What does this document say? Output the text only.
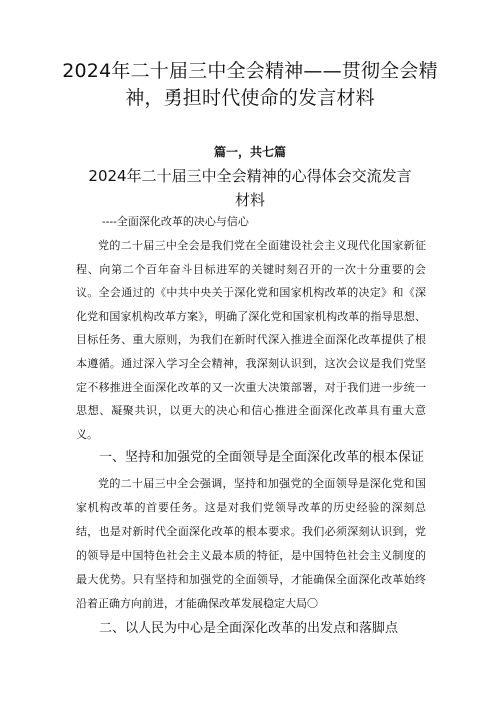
2024年二十届三中全会精神——贯彻全会精神，勇担时代使命的发言材料
篇一，共七篇
2024年二十届三中全会精神的心得体会交流发言材料
----全面深化改革的决心与信心

党的二十届三中全会是我们党在全面建设社会主义现代化国家新征程、向第二个百年奋斗目标进军的关键时刻召开的一次十分重要的会议。全会通过的《中共中央关于深化党和国家机构改革的决定》和《深化党和国家机构改革方案》，明确了深化党和国家机构改革的指导思想、目标任务、重大原则，为我们在新时代深入推进全面深化改革提供了根本遵循。通过深入学习全会精神，我深刻认识到，这次会议是我们党坚定不移推进全面深化改革的又一次重大决策部署，对于我们进一步统一思想、凝聚共识，以更大的决心和信心推进全面深化改革具有重大意义。

一、坚持和加强党的全面领导是全面深化改革的根本保证

党的二十届三中全会强调，坚持和加强党的全面领导是深化党和国家机构改革的首要任务。这是对我们党领导改革的历史经验的深刻总结，也是对新时代全面深化改革的根本要求。我们必须深刻认识到，党的领导是中国特色社会主义最本质的特征，是中国特色社会主义制度的最大优势。只有坚持和加强党的全面领导，才能确保全面深化改革始终沿着正确方向前进，才能确保改革发展稳定大局〇

二、以人民为中心是全面深化改革的出发点和落脚点
